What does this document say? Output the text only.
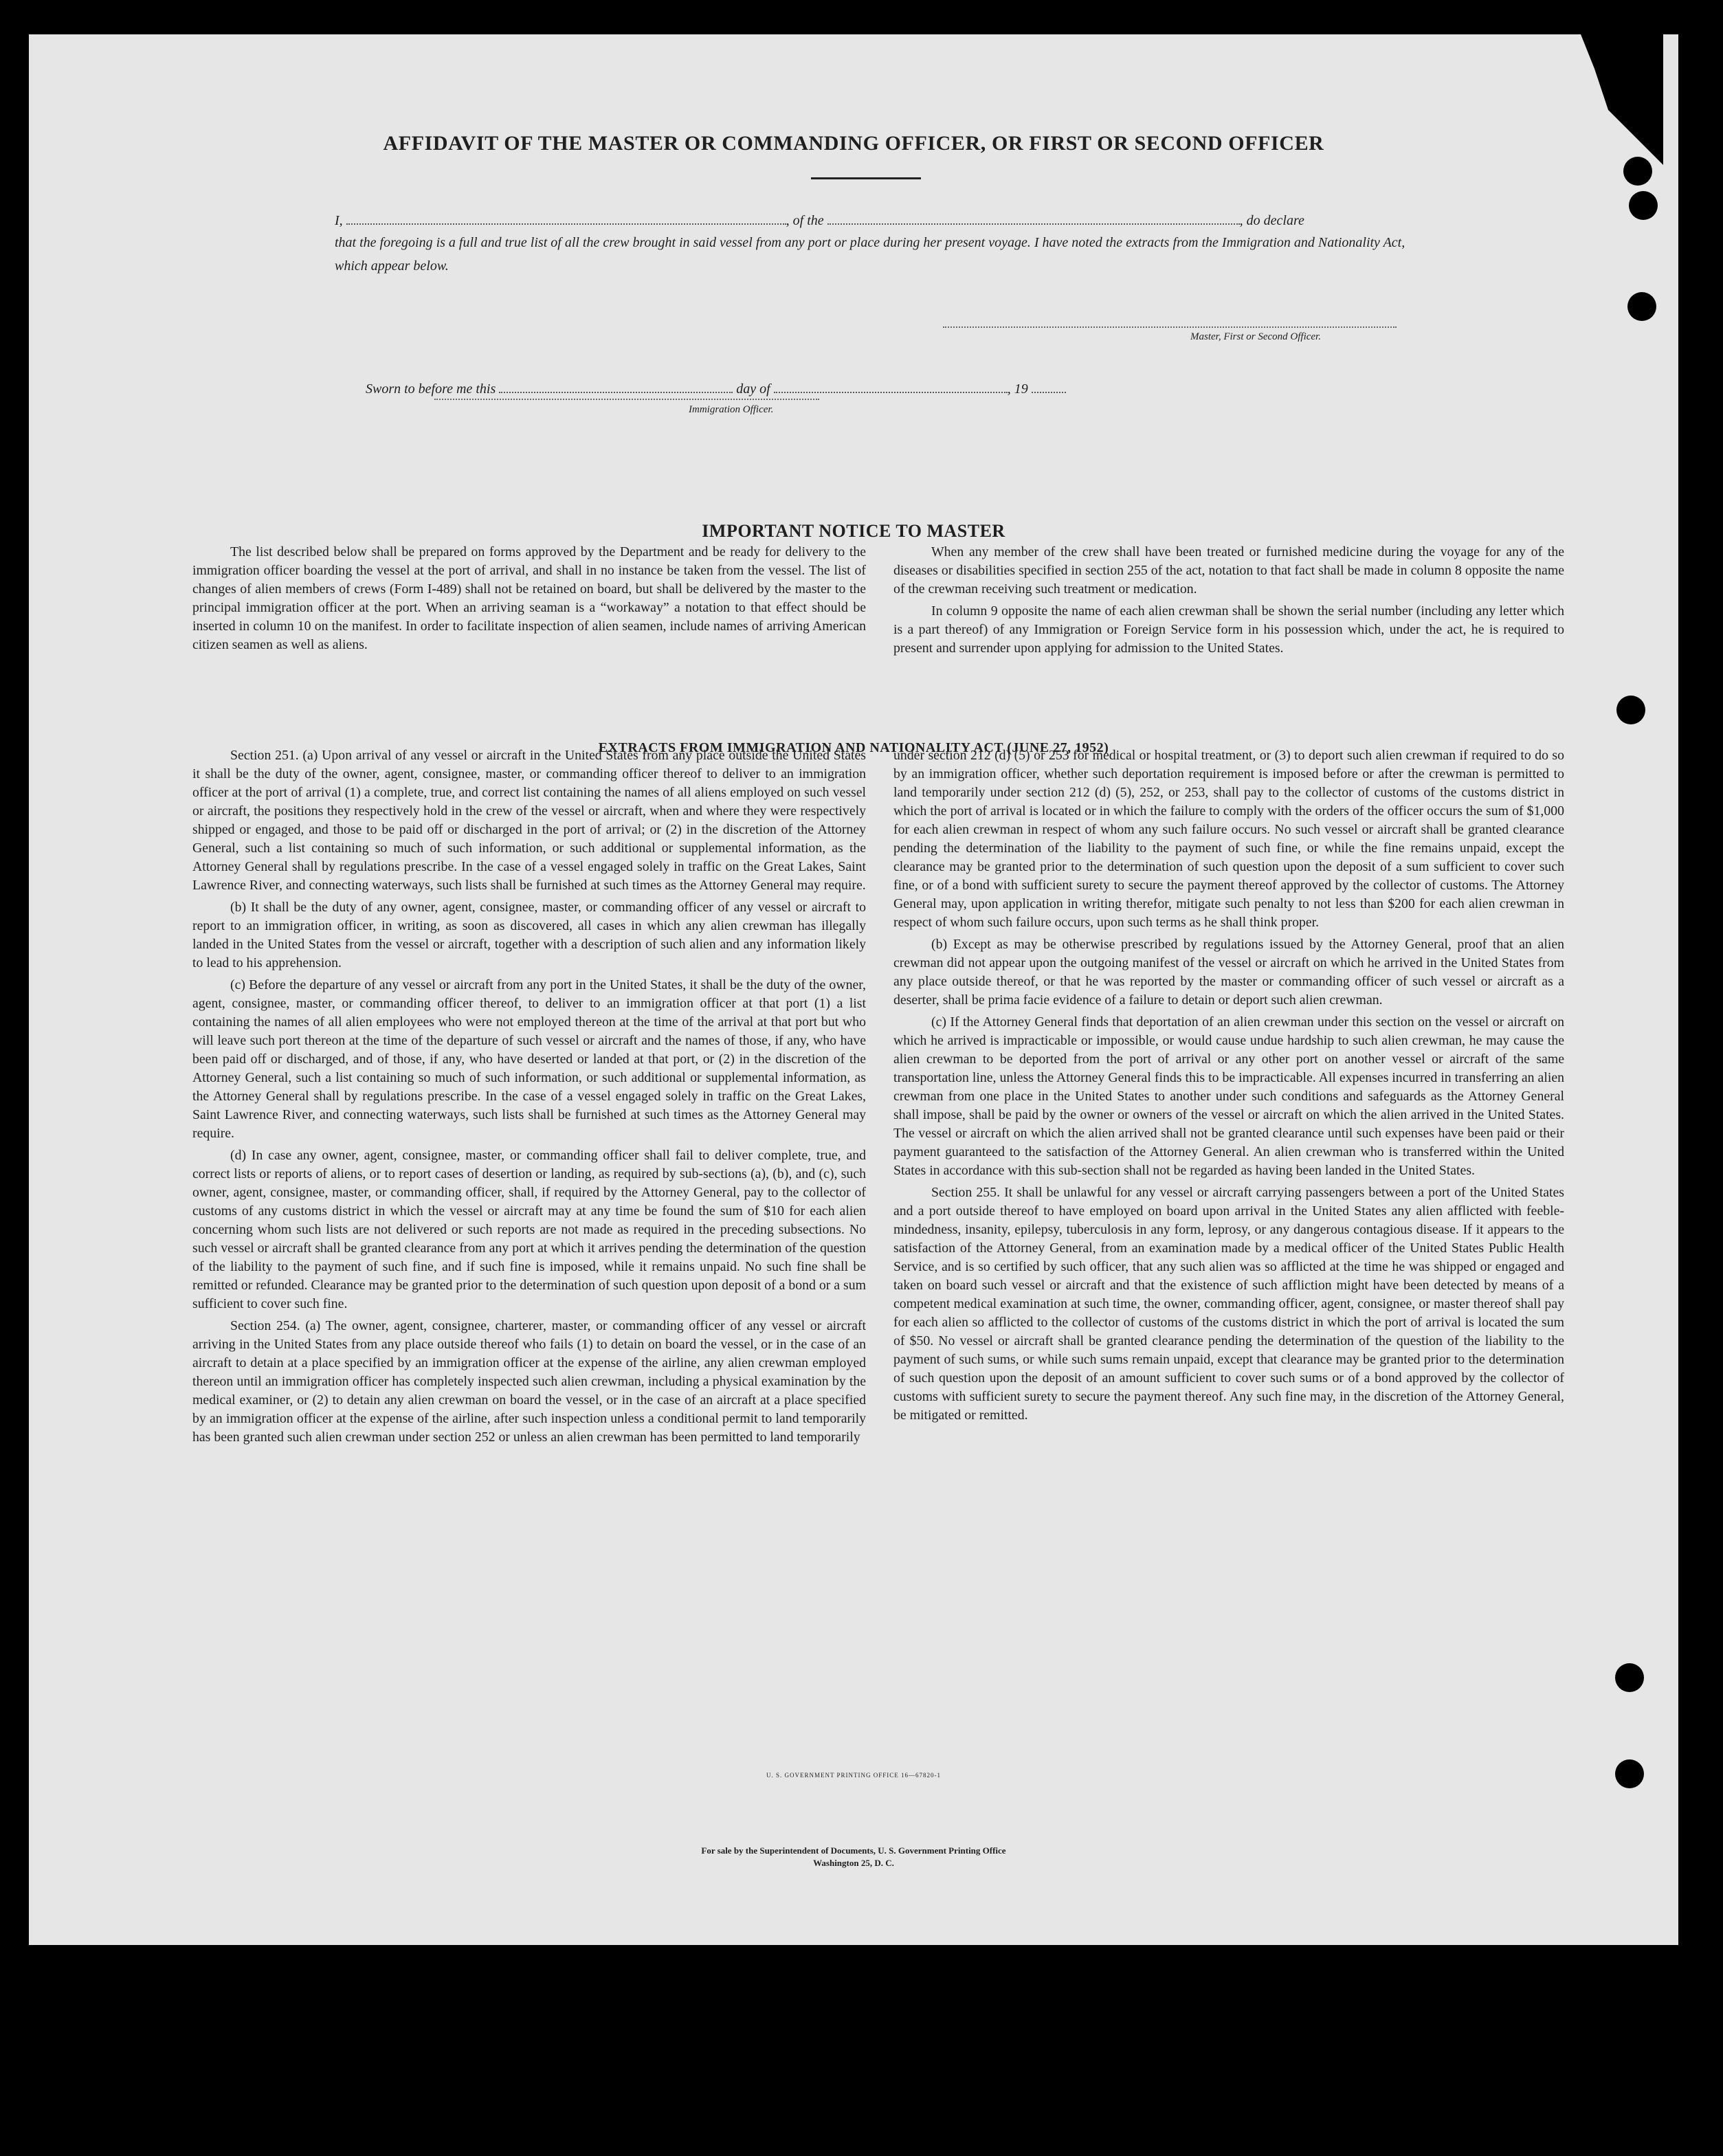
AFFIDAVIT OF THE MASTER OR COMMANDING OFFICER, OR FIRST OR SECOND OFFICER

I,	, of the	, do declare

that the foregoing is a full and true list of all the crew brought in said vessel from any port or place during her present voyage. I have noted the extracts from the Immigration and Nationality Act, which appear below.

Master, First or Second Officer.
Sworn to before me this	day of	, 19
Immigration Officer.
IMPORTANT NOTICE TO MASTER

The list described below shall be prepared on forms approved by the Department and be ready for delivery to the immigration officer boarding the vessel at the port of arrival, and shall in no instance be taken from the vessel. The list of changes of alien members of crews (Form I-489) shall not be retained on board, but shall be delivered by the master to the principal immigration officer at the port. When an arriving seaman is a “workaway” a notation to that effect should be inserted in column 10 on the manifest. In order to facilitate inspection of alien seamen, include names of arriving American citizen seamen as well as aliens.

When any member of the crew shall have been treated or furnished medicine during the voyage for any of the diseases or disabilities specified in section 255 of the act, notation to that fact shall be made in column 8 opposite the name of the crewman receiving such treatment or medication.

In column 9 opposite the name of each alien crewman shall be shown the serial number (including any letter which is a part thereof) of any Immigration or Foreign Service form in his possession which, under the act, he is required to present and surrender upon applying for admission to the United States.

EXTRACTS FROM IMMIGRATION AND NATIONALITY ACT (JUNE 27, 1952)

Section 251. (a) Upon arrival of any vessel or aircraft in the United States from any place outside the United States it shall be the duty of the owner, agent, consignee, master, or commanding officer thereof to deliver to an immigration officer at the port of arrival (1) a complete, true, and correct list containing the names of all aliens employed on such vessel or aircraft, the positions they respectively hold in the crew of the vessel or aircraft, when and where they were respectively shipped or engaged, and those to be paid off or discharged in the port of arrival; or (2) in the discretion of the Attorney General, such a list containing so much of such information, or such additional or supplemental information, as the Attorney General shall by regulations prescribe. In the case of a vessel engaged solely in traffic on the Great Lakes, Saint Lawrence River, and connecting waterways, such lists shall be furnished at such times as the Attorney General may require.

(b) It shall be the duty of any owner, agent, consignee, master, or commanding officer of any vessel or aircraft to report to an immigration officer, in writing, as soon as discovered, all cases in which any alien crewman has illegally landed in the United States from the vessel or aircraft, together with a description of such alien and any information likely to lead to his apprehension.

(c) Before the departure of any vessel or aircraft from any port in the United States, it shall be the duty of the owner, agent, consignee, master, or commanding officer thereof, to deliver to an immigration officer at that port (1) a list containing the names of all alien employees who were not employed thereon at the time of the arrival at that port but who will leave such port thereon at the time of the departure of such vessel or aircraft and the names of those, if any, who have been paid off or discharged, and of those, if any, who have deserted or landed at that port, or (2) in the discretion of the Attorney General, such a list containing so much of such information, or such additional or supplemental information, as the Attorney General shall by regulations prescribe. In the case of a vessel engaged solely in traffic on the Great Lakes, Saint Lawrence River, and connecting waterways, such lists shall be furnished at such times as the Attorney General may require.

(d) In case any owner, agent, consignee, master, or commanding officer shall fail to deliver complete, true, and correct lists or reports of aliens, or to report cases of desertion or landing, as required by sub-sections (a), (b), and (c), such owner, agent, consignee, master, or commanding officer, shall, if required by the Attorney General, pay to the collector of customs of any customs district in which the vessel or aircraft may at any time be found the sum of $10 for each alien concerning whom such lists are not delivered or such reports are not made as required in the preceding subsections. No such vessel or aircraft shall be granted clearance from any port at which it arrives pending the determination of the question of the liability to the payment of such fine, and if such fine is imposed, while it remains unpaid. No such fine shall be remitted or refunded. Clearance may be granted prior to the determination of such question upon deposit of a bond or a sum sufficient to cover such fine.

Section 254. (a) The owner, agent, consignee, charterer, master, or commanding officer of any vessel or aircraft arriving in the United States from any place outside thereof who fails (1) to detain on board the vessel, or in the case of an aircraft to detain at a place specified by an immigration officer at the expense of the airline, any alien crewman employed thereon until an immigration officer has completely inspected such alien crewman, including a physical examination by the medical examiner, or (2) to detain any alien crewman on board the vessel, or in the case of an aircraft at a place specified by an immigration officer at the expense of the airline, after such inspection unless a conditional permit to land temporarily has been granted such alien crewman under section 252 or unless an alien crewman has been permitted to land temporarily

under section 212 (d) (5) or 253 for medical or hospital treatment, or (3) to deport such alien crewman if required to do so by an immigration officer, whether such deportation requirement is imposed before or after the crewman is permitted to land temporarily under section 212 (d) (5), 252, or 253, shall pay to the collector of customs of the customs district in which the port of arrival is located or in which the failure to comply with the orders of the officer occurs the sum of $1,000 for each alien crewman in respect of whom any such failure occurs. No such vessel or aircraft shall be granted clearance pending the determination of the liability to the payment of such fine, or while the fine remains unpaid, except the clearance may be granted prior to the determination of such question upon the deposit of a sum sufficient to cover such fine, or of a bond with sufficient surety to secure the payment thereof approved by the collector of customs. The Attorney General may, upon application in writing therefor, mitigate such penalty to not less than $200 for each alien crewman in respect of whom such failure occurs, upon such terms as he shall think proper.

(b) Except as may be otherwise prescribed by regulations issued by the Attorney General, proof that an alien crewman did not appear upon the outgoing manifest of the vessel or aircraft on which he arrived in the United States from any place outside thereof, or that he was reported by the master or commanding officer of such vessel or aircraft as a deserter, shall be prima facie evidence of a failure to detain or deport such alien crewman.

(c) If the Attorney General finds that deportation of an alien crewman under this section on the vessel or aircraft on which he arrived is impracticable or impossible, or would cause undue hardship to such alien crewman, he may cause the alien crewman to be deported from the port of arrival or any other port on another vessel or aircraft of the same transportation line, unless the Attorney General finds this to be impracticable. All expenses incurred in transferring an alien crewman from one place in the United States to another under such conditions and safeguards as the Attorney General shall impose, shall be paid by the owner or owners of the vessel or aircraft on which the alien arrived in the United States. The vessel or aircraft on which the alien arrived shall not be granted clearance until such expenses have been paid or their payment guaranteed to the satisfaction of the Attorney General. An alien crewman who is transferred within the United States in accordance with this sub-section shall not be regarded as having been landed in the United States.

Section 255. It shall be unlawful for any vessel or aircraft carrying passengers between a port of the United States and a port outside thereof to have employed on board upon arrival in the United States any alien afflicted with feeble-mindedness, insanity, epilepsy, tuberculosis in any form, leprosy, or any dangerous contagious disease. If it appears to the satisfaction of the Attorney General, from an examination made by a medical officer of the United States Public Health Service, and is so certified by such officer, that any such alien was so afflicted at the time he was shipped or engaged and taken on board such vessel or aircraft and that the existence of such affliction might have been detected by means of a competent medical examination at such time, the owner, commanding officer, agent, consignee, or master thereof shall pay for each alien so afflicted to the collector of customs of the customs district in which the port of arrival is located the sum of $50. No vessel or aircraft shall be granted clearance pending the determination of the question of the liability to the payment of such sums, or while such sums remain unpaid, except that clearance may be granted prior to the determination of such question upon the deposit of an amount sufficient to cover such sums or of a bond approved by the collector of customs with sufficient surety to secure the payment thereof. Any such fine may, in the discretion of the Attorney General, be mitigated or remitted.

U. S. GOVERNMENT PRINTING OFFICE 16—67820-1
For sale by the Superintendent of Documents, U. S. Government Printing Office
Washington 25, D. C.
